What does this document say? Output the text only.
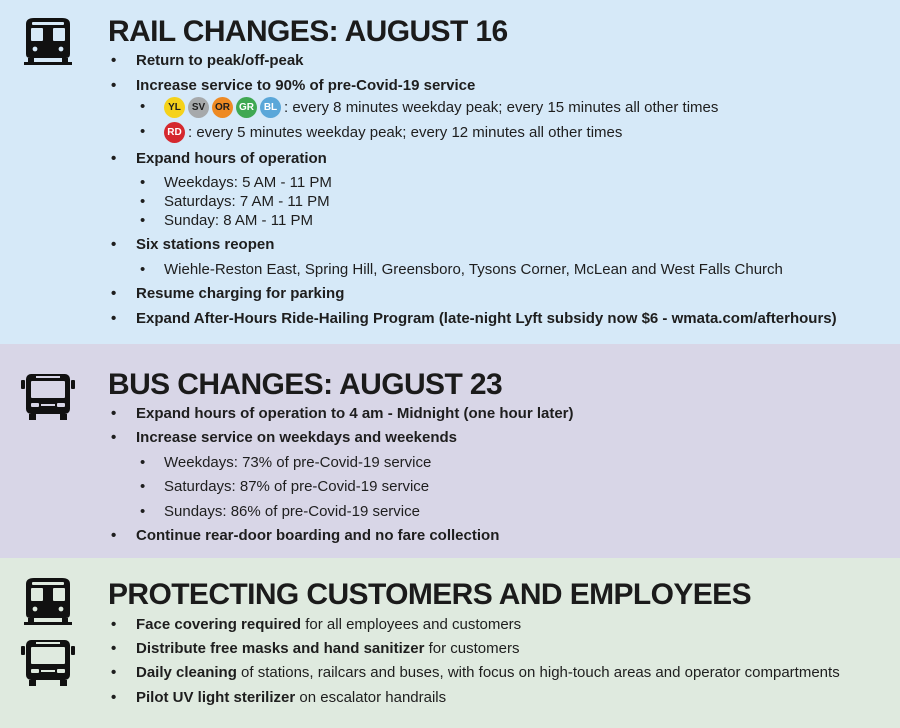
RAIL CHANGES: AUGUST 16
• Return to peak/off-peak
• Increase service to 90% of pre-Covid-19 service
• YL SV OR GR BL : every 8 minutes weekday peak; every 15 minutes all other times
• RD : every 5 minutes weekday peak; every 12 minutes all other times
• Expand hours of operation
• Weekdays: 5 AM - 11 PM
• Saturdays: 7 AM - 11 PM
• Sunday: 8 AM - 11 PM
• Six stations reopen
• Wiehle-Reston East, Spring Hill, Greensboro, Tysons Corner, McLean and West Falls Church
• Resume charging for parking
• Expand After-Hours Ride-Hailing Program (late-night Lyft subsidy now $6 - wmata.com/afterhours)
BUS CHANGES: AUGUST 23
• Expand hours of operation to 4 am - Midnight (one hour later)
• Increase service on weekdays and weekends
• Weekdays: 73% of pre-Covid-19 service
• Saturdays: 87% of pre-Covid-19 service
• Sundays: 86% of pre-Covid-19 service
• Continue rear-door boarding and no fare collection
PROTECTING CUSTOMERS AND EMPLOYEES
• Face covering required for all employees and customers
• Distribute free masks and hand sanitizer for customers
• Daily cleaning of stations, railcars and buses, with focus on high-touch areas and operator compartments
• Pilot UV light sterilizer on escalator handrails
